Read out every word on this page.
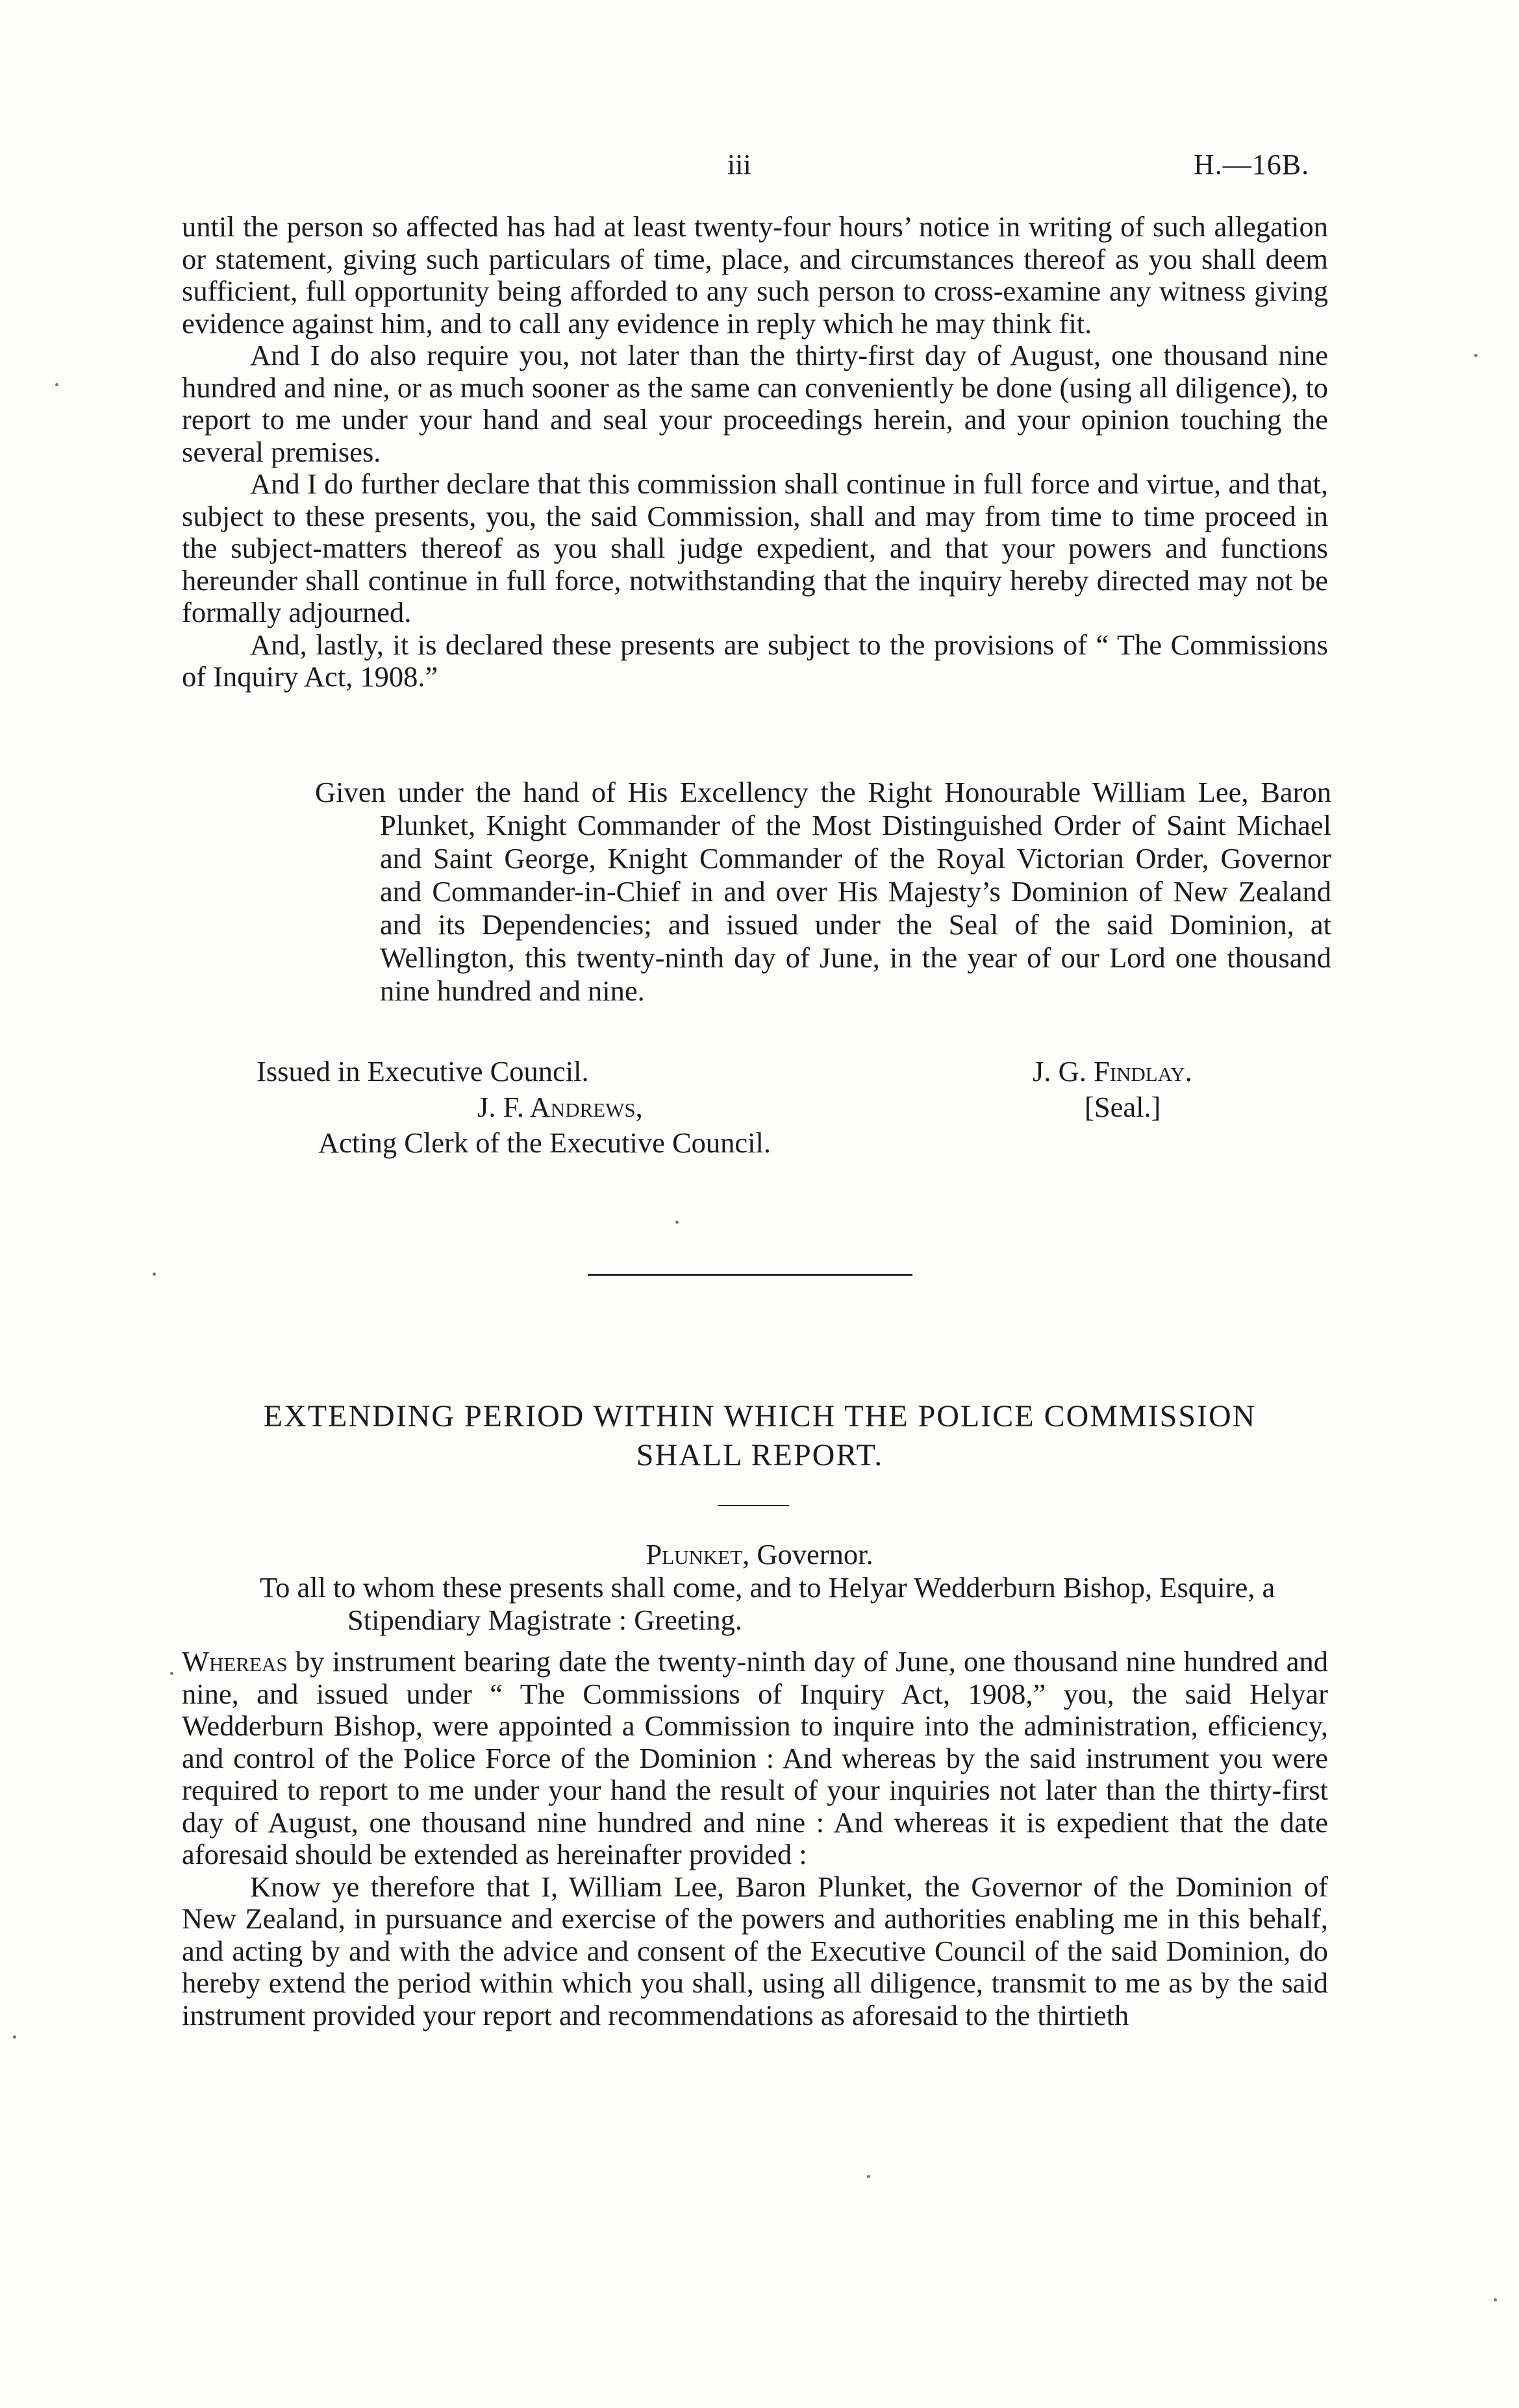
iii	H.—16B.

until the person so affected has had at least twenty-four hours’ notice in writing of such allegation or statement, giving such particulars of time, place, and circumstances thereof as you shall deem sufficient, full opportunity being afforded to any such person to cross-examine any witness giving evidence against him, and to call any evidence in reply which he may think fit.

And I do also require you, not later than the thirty-first day of August, one thousand nine hundred and nine, or as much sooner as the same can conveniently be done (using all diligence), to report to me under your hand and seal your proceedings herein, and your opinion touching the several premises.

And I do further declare that this commission shall continue in full force and virtue, and that, subject to these presents, you, the said Commission, shall and may from time to time proceed in the subject-matters thereof as you shall judge expedient, and that your powers and functions hereunder shall continue in full force, notwithstanding that the inquiry hereby directed may not be formally adjourned.

And, lastly, it is declared these presents are subject to the provisions of “ The Commissions of Inquiry Act, 1908.”

Given under the hand of His Excellency the Right Honourable William Lee, Baron Plunket, Knight Commander of the Most Distinguished Order of Saint Michael and Saint George, Knight Commander of the Royal Victorian Order, Governor and Commander-in-Chief in and over His Majesty’s Dominion of New Zealand and its Dependencies; and issued under the Seal of the said Dominion, at Wellington, this twenty-ninth day of June, in the year of our Lord one thousand nine hundred and nine.
Issued in Executive Council.	J. G. Findlay.
[Seal.]
J. F. Andrews,
Acting Clerk of the Executive Council.
EXTENDING PERIOD WITHIN WHICH THE POLICE COMMISSION
SHALL REPORT.
Plunket, Governor.
To all to whom these presents shall come, and to Helyar Wedderburn Bishop, Esquire, a Stipendiary Magistrate : Greeting.

Whereas by instrument bearing date the twenty-ninth day of June, one thousand nine hundred and nine, and issued under “ The Commissions of Inquiry Act, 1908,” you, the said Helyar Wedderburn Bishop, were appointed a Commission to inquire into the administration, efficiency, and control of the Police Force of the Dominion : And whereas by the said instrument you were required to report to me under your hand the result of your inquiries not later than the thirty-first day of August, one thousand nine hundred and nine : And whereas it is expedient that the date aforesaid should be extended as hereinafter provided :

Know ye therefore that I, William Lee, Baron Plunket, the Governor of the Dominion of New Zealand, in pursuance and exercise of the powers and authorities enabling me in this behalf, and acting by and with the advice and consent of the Executive Council of the said Dominion, do hereby extend the period within which you shall, using all diligence, transmit to me as by the said instrument provided your report and recommendations as aforesaid to the thirtieth
